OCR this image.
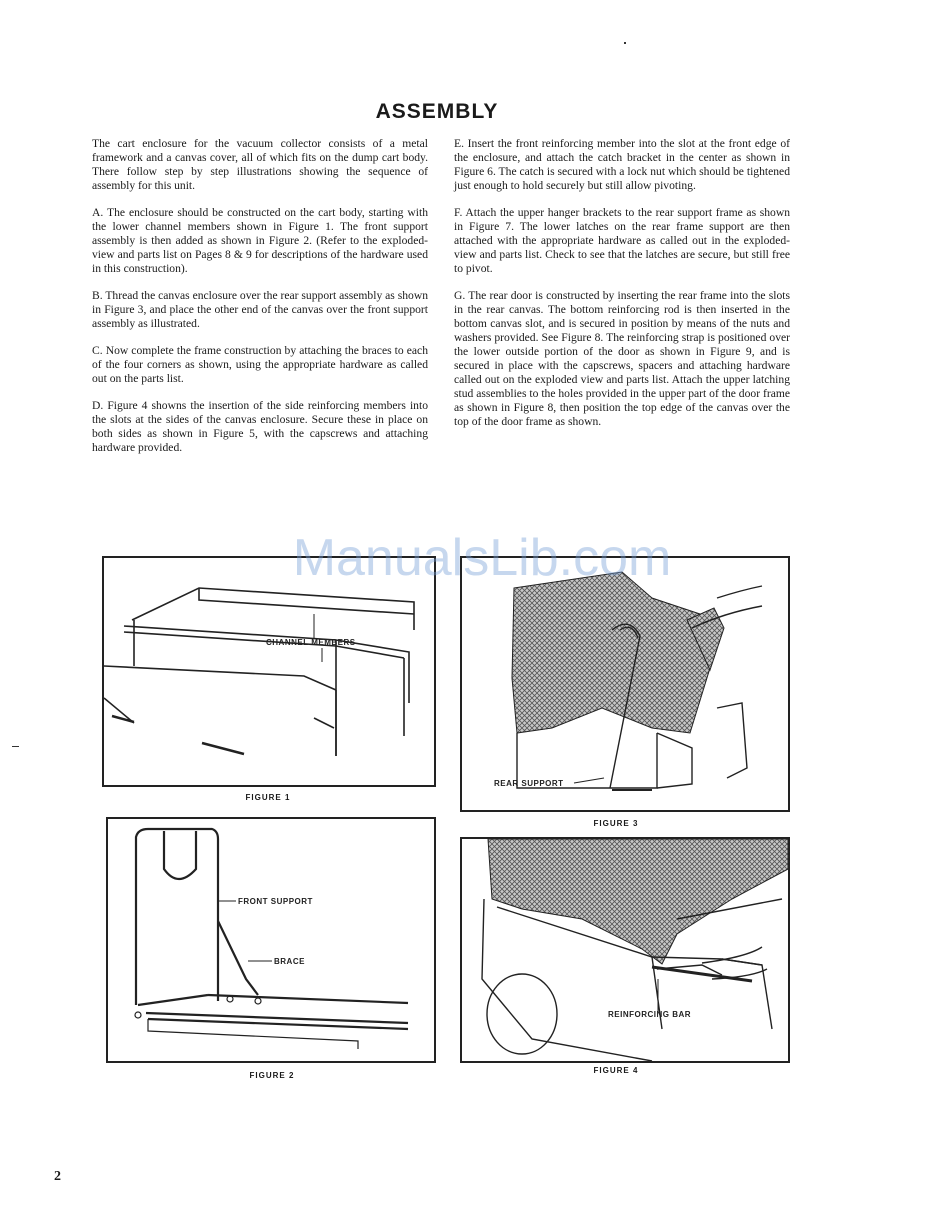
ASSEMBLY

The cart enclosure for the vacuum collector consists of a metal framework and a canvas cover, all of which fits on the dump cart body. There follow step by step illustrations showing the sequence of assembly for this unit.

A. The enclosure should be constructed on the cart body, starting with the lower channel members shown in Figure 1. The front support assembly is then added as shown in Figure 2. (Refer to the exploded-view and parts list on Pages 8 & 9 for descriptions of the hardware used in this construction).

B. Thread the canvas enclosure over the rear support assembly as shown in Figure 3, and place the other end of the canvas over the front support assembly as illustrated.

C. Now complete the frame construction by attaching the braces to each of the four corners as shown, using the appropriate hardware as called out on the parts list.

D. Figure 4 showns the insertion of the side reinforcing members into the slots at the sides of the canvas enclosure. Secure these in place on both sides as shown in Figure 5, with the capscrews and attaching hardware provided.

E. Insert the front reinforcing member into the slot at the front edge of the enclosure, and attach the catch bracket in the center as shown in Figure 6. The catch is secured with a lock nut which should be tightened just enough to hold securely but still allow pivoting.

F. Attach the upper hanger brackets to the rear support frame as shown in Figure 7. The lower latches on the rear frame support are then attached with the appropriate hardware as called out in the exploded-view and parts list. Check to see that the latches are secure, but still free to pivot.

G. The rear door is constructed by inserting the rear frame into the slots in the rear canvas. The bottom reinforcing rod is then inserted in the bottom canvas slot, and is secured in position by means of the nuts and washers provided. See Figure 8. The reinforcing strap is positioned over the lower outside portion of the door as shown in Figure 9, and is secured in place with the capscrews, spacers and attaching hardware called out on the exploded view and parts list. Attach the upper latching stud assemblies to the holes provided in the upper part of the door frame as shown in Figure 8, then position the top edge of the canvas over the top of the door frame as shown.

CHANNEL MEMBERS
FIGURE 1
REAR SUPPORT
FIGURE 3
FRONT SUPPORT
BRACE
FIGURE 2
REINFORCING BAR
FIGURE 4
ManualsLib.com
2
